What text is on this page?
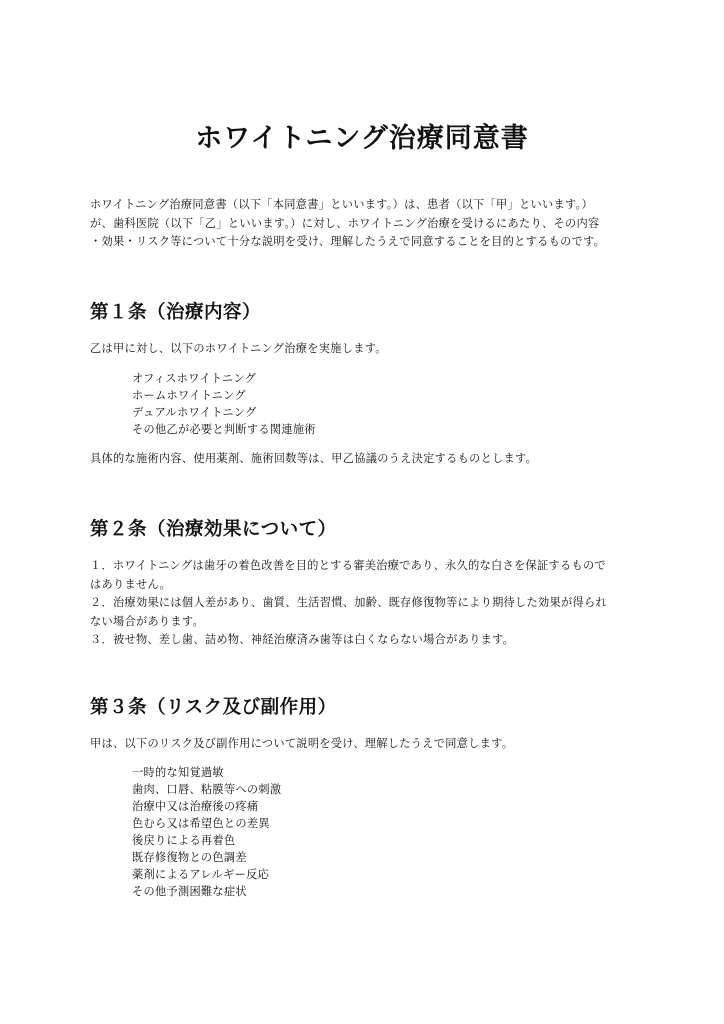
ホワイトニング治療同意書

ホワイトニング治療同意書（以下「本同意書」といいます。）は、患者（以下「甲」といいます。）
が、歯科医院（以下「乙」といいます。）に対し、ホワイトニング治療を受けるにあたり、その内容
・効果・リスク等について十分な説明を受け、理解したうえで同意することを目的とするものです。

第１条（治療内容）

乙は甲に対し、以下のホワイトニング治療を実施します。

オフィスホワイトニング
ホームホワイトニング
デュアルホワイトニング
その他乙が必要と判断する関連施術

具体的な施術内容、使用薬剤、施術回数等は、甲乙協議のうえ決定するものとします。

第２条（治療効果について）

１．ホワイトニングは歯牙の着色改善を目的とする審美治療であり、永久的な白さを保証するもので
はありません。
２．治療効果には個人差があり、歯質、生活習慣、加齢、既存修復物等により期待した効果が得られ
ない場合があります。
３．被せ物、差し歯、詰め物、神経治療済み歯等は白くならない場合があります。

第３条（リスク及び副作用）

甲は、以下のリスク及び副作用について説明を受け、理解したうえで同意します。

一時的な知覚過敏
歯肉、口唇、粘膜等への刺激
治療中又は治療後の疼痛
色むら又は希望色との差異
後戻りによる再着色
既存修復物との色調差
薬剤によるアレルギー反応
その他予測困難な症状
